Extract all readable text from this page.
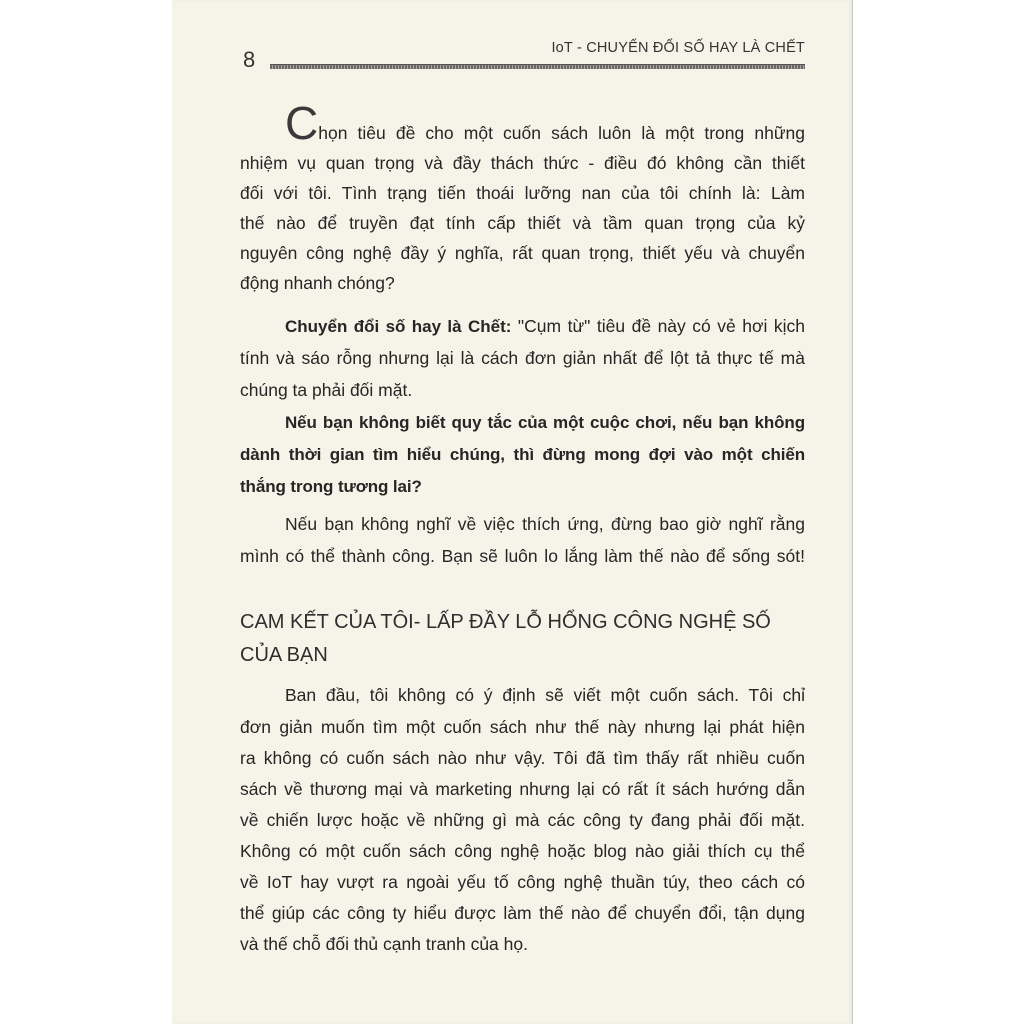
8	IoT - CHUYỂN ĐỔI SỐ HAY LÀ CHẾT
Chọn tiêu đề cho một cuốn sách luôn là một trong những
nhiệm vụ quan trọng và đầy thách thức - điều đó không cần thiết
đối với tôi. Tình trạng tiến thoái lưỡng nan của tôi chính là: Làm
thế nào để truyền đạt tính cấp thiết và tầm quan trọng của kỷ
nguyên công nghệ đầy ý nghĩa, rất quan trọng, thiết yếu và chuyển
động nhanh chóng?
Chuyển đổi số hay là Chết: "Cụm từ" tiêu đề này có vẻ hơi kịch
tính và sáo rỗng nhưng lại là cách đơn giản nhất để lột tả thực tế mà
chúng ta phải đối mặt.
Nếu bạn không biết quy tắc của một cuộc chơi, nếu bạn không
dành thời gian tìm hiểu chúng, thì đừng mong đợi vào một chiến
thắng trong tương lai?
Nếu bạn không nghĩ về việc thích ứng, đừng bao giờ nghĩ rằng
mình có thể thành công. Bạn sẽ luôn lo lắng làm thế nào để sống sót!
CAM KẾT CỦA TÔI- LẤP ĐẦY LỖ HỔNG CÔNG NGHỆ SỐ
CỦA BẠN
Ban đầu, tôi không có ý định sẽ viết một cuốn sách. Tôi chỉ
đơn giản muốn tìm một cuốn sách như thế này nhưng lại phát hiện
ra không có cuốn sách nào như vậy. Tôi đã tìm thấy rất nhiều cuốn
sách về thương mại và marketing nhưng lại có rất ít sách hướng dẫn
về chiến lược hoặc về những gì mà các công ty đang phải đối mặt.
Không có một cuốn sách công nghệ hoặc blog nào giải thích cụ thể
về IoT hay vượt ra ngoài yếu tố công nghệ thuần túy, theo cách có
thể giúp các công ty hiểu được làm thế nào để chuyển đổi, tận dụng
và thế chỗ đối thủ cạnh tranh của họ.
